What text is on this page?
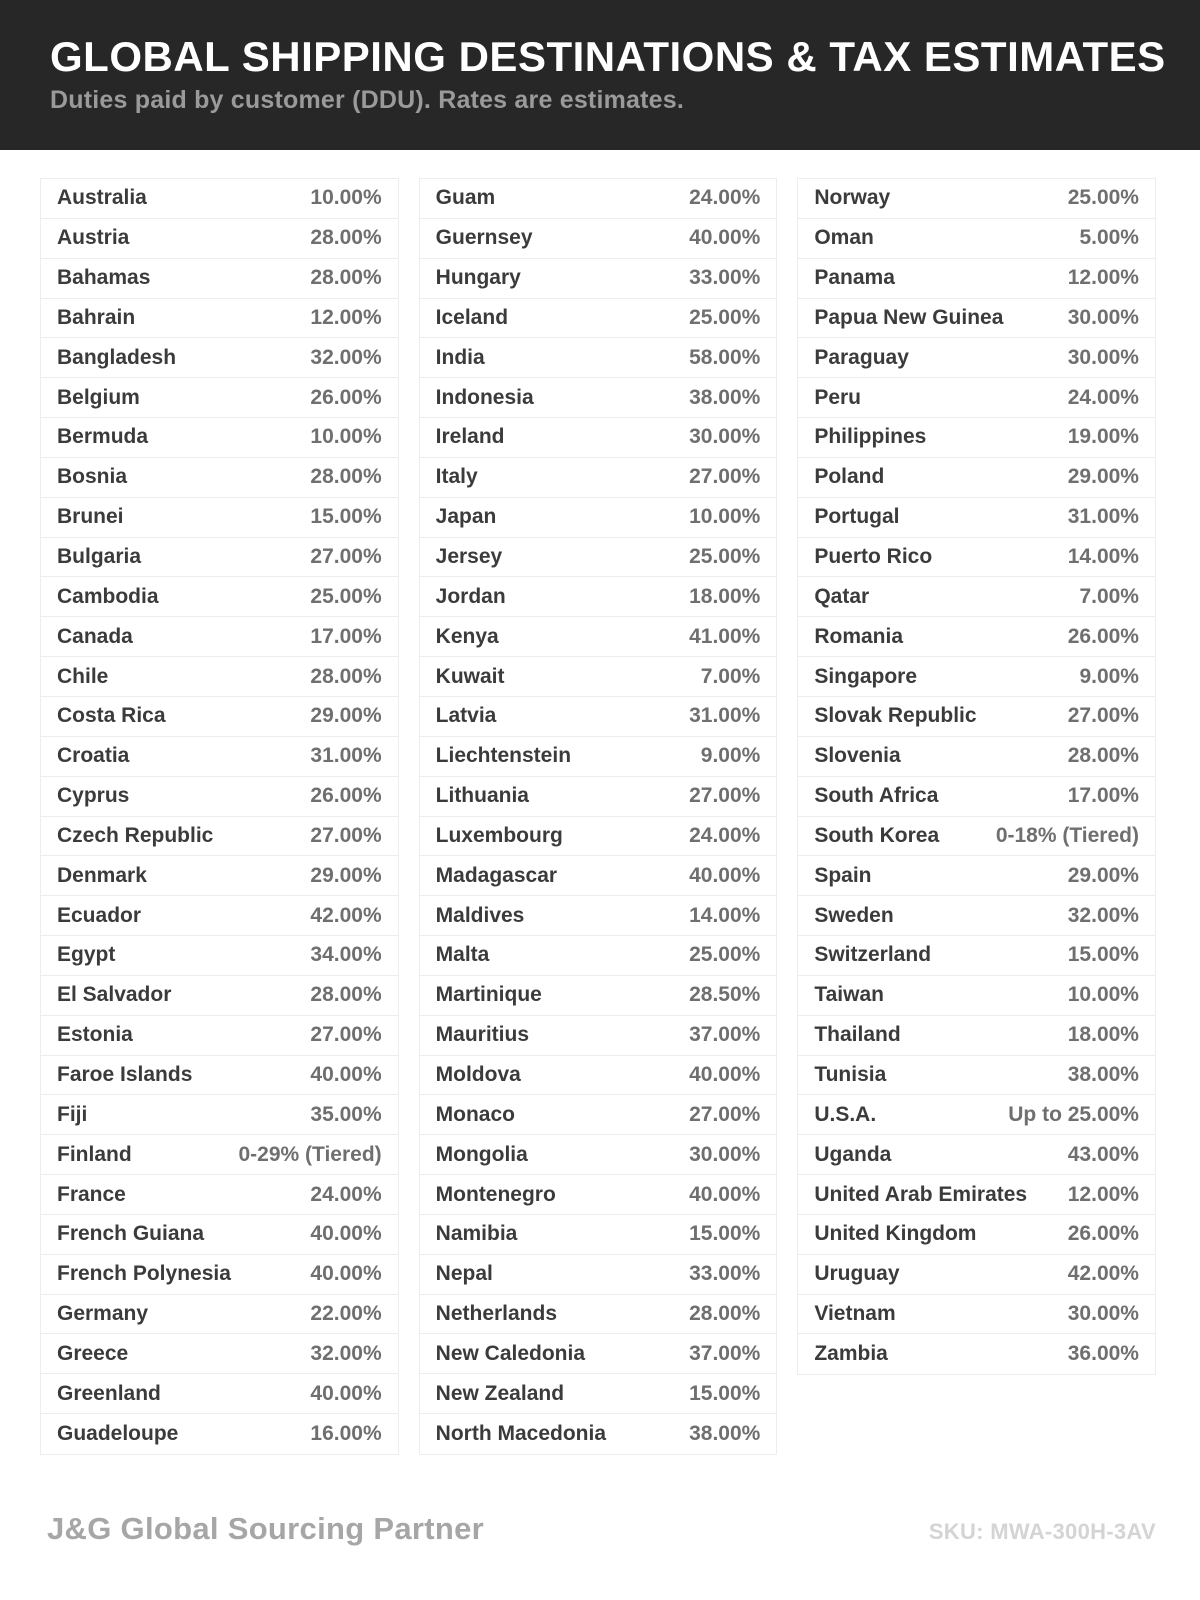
GLOBAL SHIPPING DESTINATIONS & TAX ESTIMATES
Duties paid by customer (DDU). Rates are estimates.
Australia	10.00%
Austria	28.00%
Bahamas	28.00%
Bahrain	12.00%
Bangladesh	32.00%
Belgium	26.00%
Bermuda	10.00%
Bosnia	28.00%
Brunei	15.00%
Bulgaria	27.00%
Cambodia	25.00%
Canada	17.00%
Chile	28.00%
Costa Rica	29.00%
Croatia	31.00%
Cyprus	26.00%
Czech Republic	27.00%
Denmark	29.00%
Ecuador	42.00%
Egypt	34.00%
El Salvador	28.00%
Estonia	27.00%
Faroe Islands	40.00%
Fiji	35.00%
Finland	0-29% (Tiered)
France	24.00%
French Guiana	40.00%
French Polynesia	40.00%
Germany	22.00%
Greece	32.00%
Greenland	40.00%
Guadeloupe	16.00%
Guam	24.00%
Guernsey	40.00%
Hungary	33.00%
Iceland	25.00%
India	58.00%
Indonesia	38.00%
Ireland	30.00%
Italy	27.00%
Japan	10.00%
Jersey	25.00%
Jordan	18.00%
Kenya	41.00%
Kuwait	7.00%
Latvia	31.00%
Liechtenstein	9.00%
Lithuania	27.00%
Luxembourg	24.00%
Madagascar	40.00%
Maldives	14.00%
Malta	25.00%
Martinique	28.50%
Mauritius	37.00%
Moldova	40.00%
Monaco	27.00%
Mongolia	30.00%
Montenegro	40.00%
Namibia	15.00%
Nepal	33.00%
Netherlands	28.00%
New Caledonia	37.00%
New Zealand	15.00%
North Macedonia	38.00%
Norway	25.00%
Oman	5.00%
Panama	12.00%
Papua New Guinea	30.00%
Paraguay	30.00%
Peru	24.00%
Philippines	19.00%
Poland	29.00%
Portugal	31.00%
Puerto Rico	14.00%
Qatar	7.00%
Romania	26.00%
Singapore	9.00%
Slovak Republic	27.00%
Slovenia	28.00%
South Africa	17.00%
South Korea	0-18% (Tiered)
Spain	29.00%
Sweden	32.00%
Switzerland	15.00%
Taiwan	10.00%
Thailand	18.00%
Tunisia	38.00%
U.S.A.	Up to 25.00%
Uganda	43.00%
United Arab Emirates 12.00%
United Kingdom	26.00%
Uruguay	42.00%
Vietnam	30.00%
Zambia	36.00%
J&G Global Sourcing Partner	SKU: MWA-300H-3AV
